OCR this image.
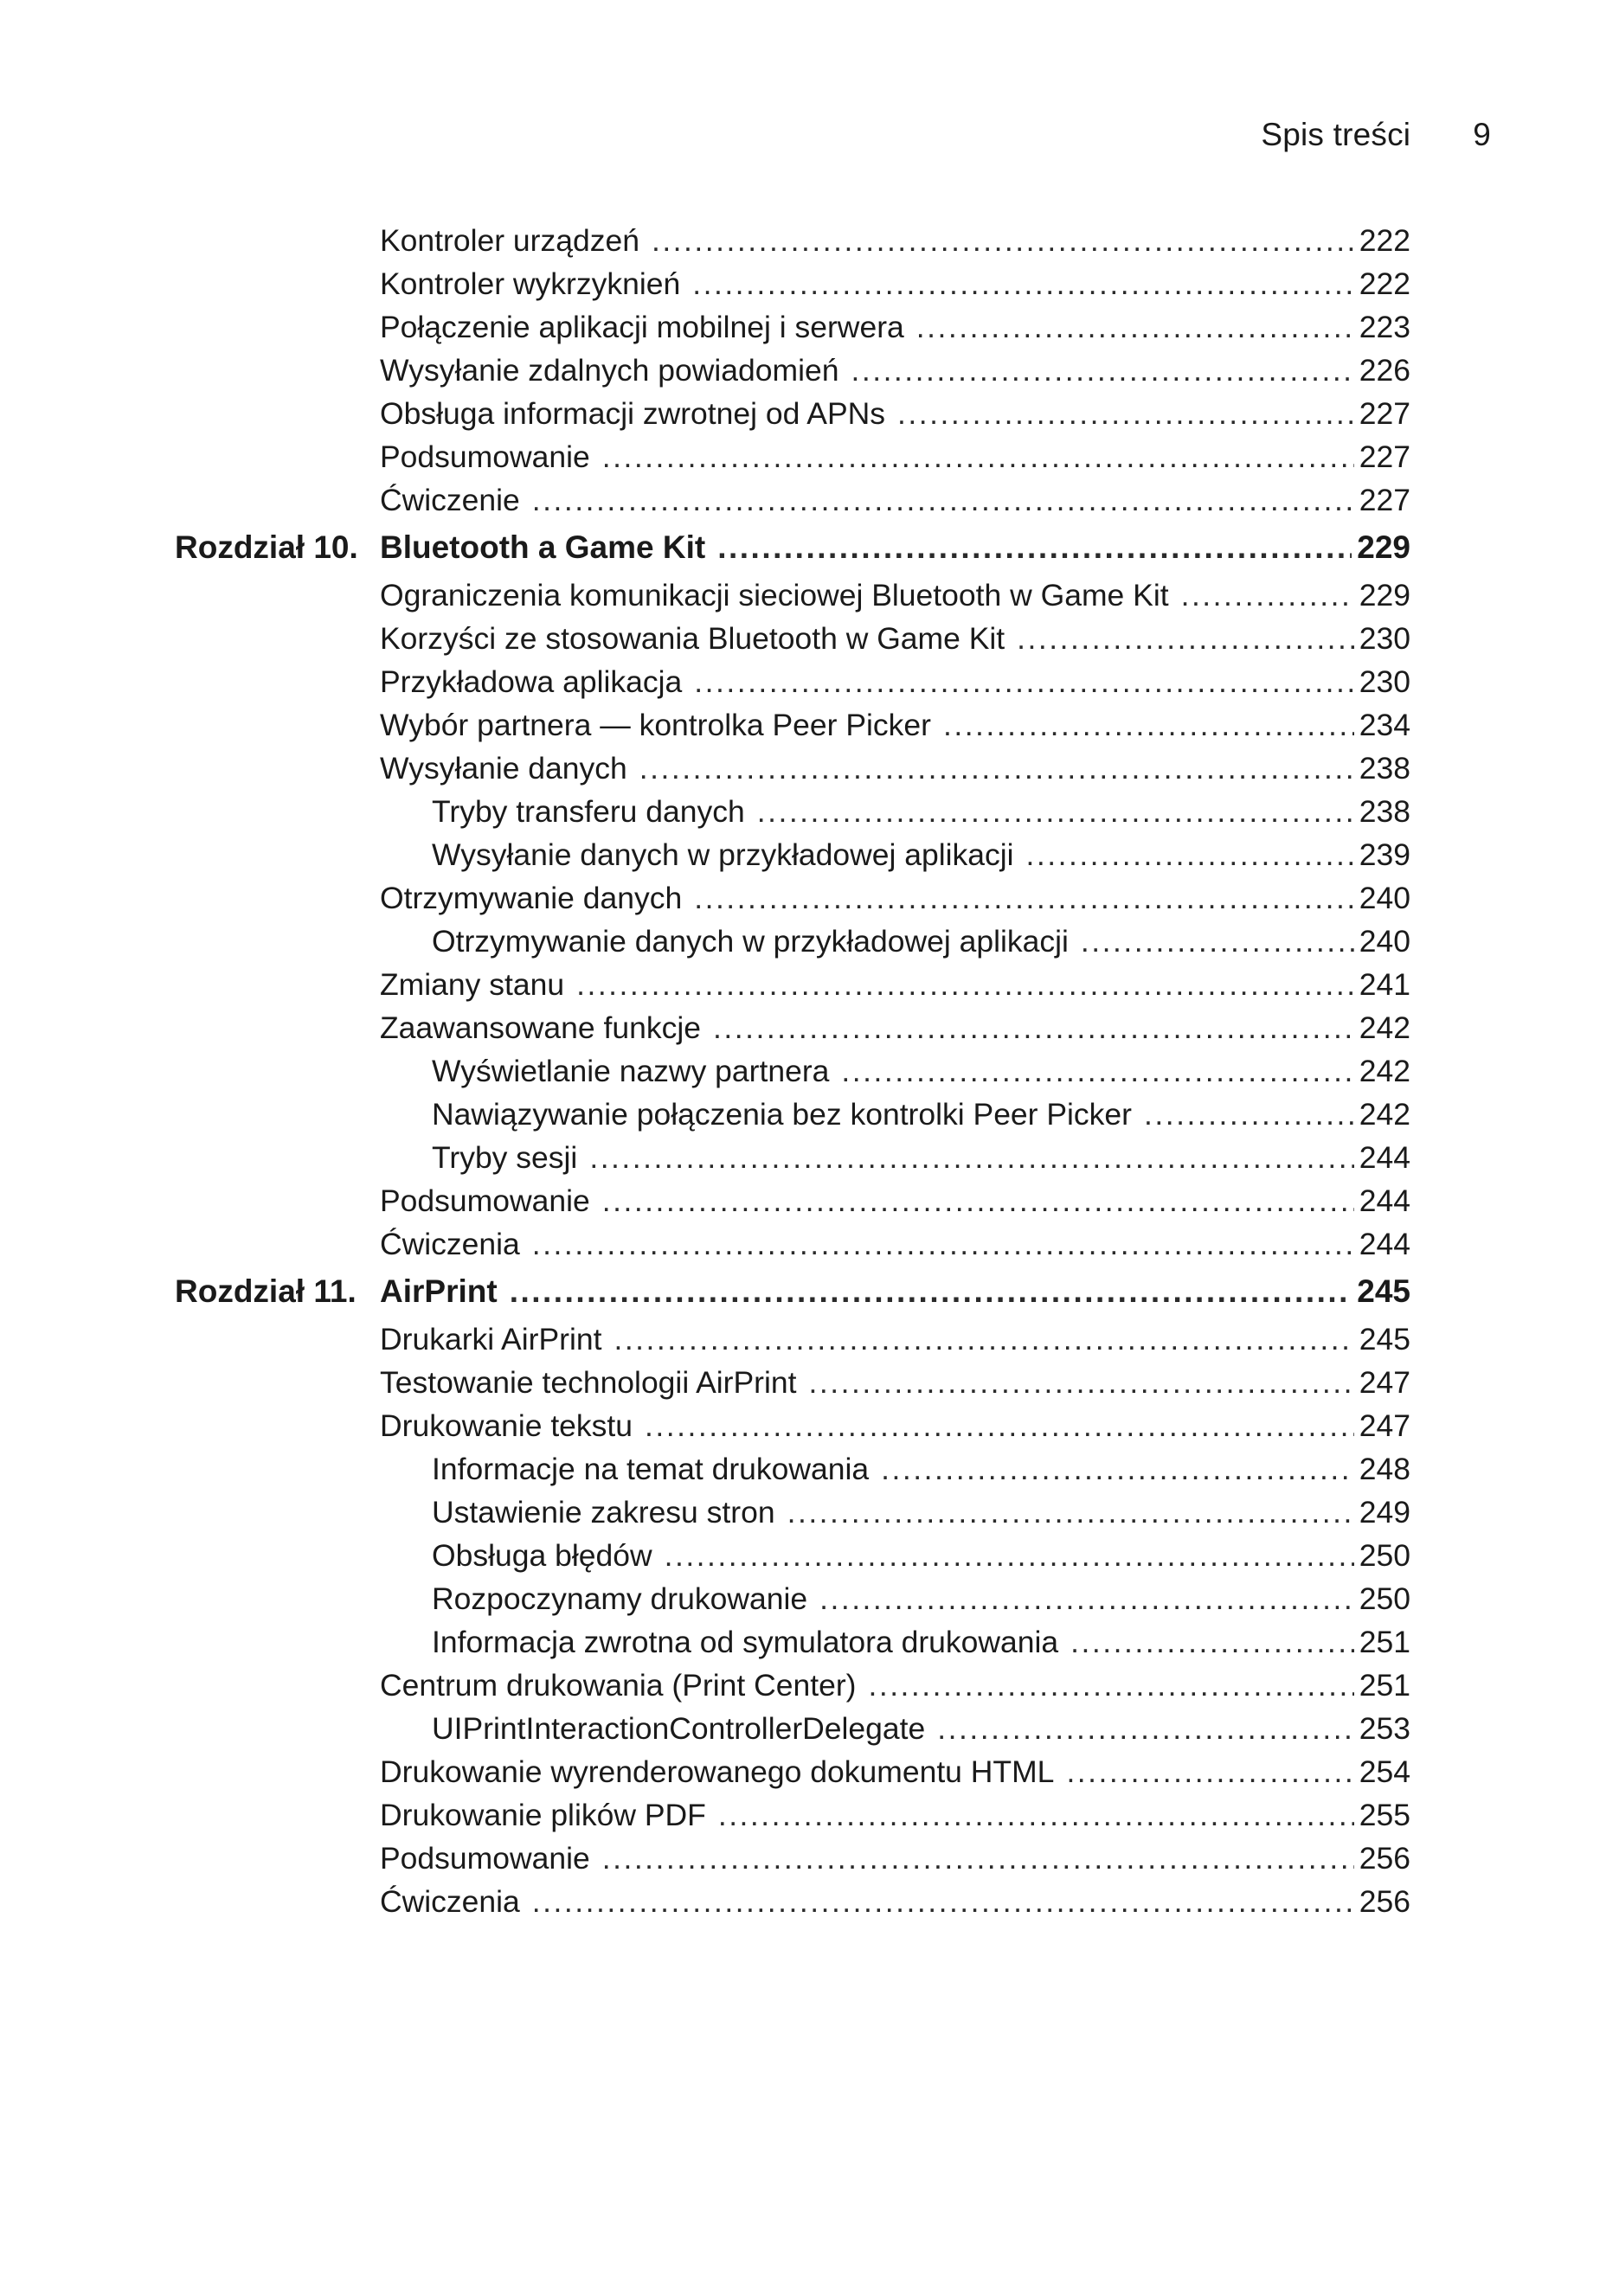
Spis treści 9
Kontroler urządzeń .....	222
Kontroler wykrzyknień .....	222
Połączenie aplikacji mobilnej i serwera .....	223
Wysyłanie zdalnych powiadomień .....	226
Obsługa informacji zwrotnej od APNs .....	227
Podsumowanie .....	227
Ćwiczenie .....	227
Rozdział 10. Bluetooth a Game Kit .....	229
Ograniczenia komunikacji sieciowej Bluetooth w Game Kit .....	229
Korzyści ze stosowania Bluetooth w Game Kit .....	230
Przykładowa aplikacja .....	230
Wybór partnera — kontrolka Peer Picker .....	234
Wysyłanie danych .....	238
Tryby transferu danych .....	238
Wysyłanie danych w przykładowej aplikacji .....	239
Otrzymywanie danych .....	240
Otrzymywanie danych w przykładowej aplikacji .....	240
Zmiany stanu .....	241
Zaawansowane funkcje .....	242
Wyświetlanie nazwy partnera .....	242
Nawiązywanie połączenia bez kontrolki Peer Picker .....	242
Tryby sesji .....	244
Podsumowanie .....	244
Ćwiczenia .....	244
Rozdział 11. AirPrint .....	245
Drukarki AirPrint .....	245
Testowanie technologii AirPrint .....	247
Drukowanie tekstu .....	247
Informacje na temat drukowania .....	248
Ustawienie zakresu stron .....	249
Obsługa błędów .....	250
Rozpoczynamy drukowanie .....	250
Informacja zwrotna od symulatora drukowania .....	251
Centrum drukowania (Print Center) .....	251
UIPrintInteractionControllerDelegate .....	253
Drukowanie wyrenderowanego dokumentu HTML .....	254
Drukowanie plików PDF .....	255
Podsumowanie .....	256
Ćwiczenia .....	256
